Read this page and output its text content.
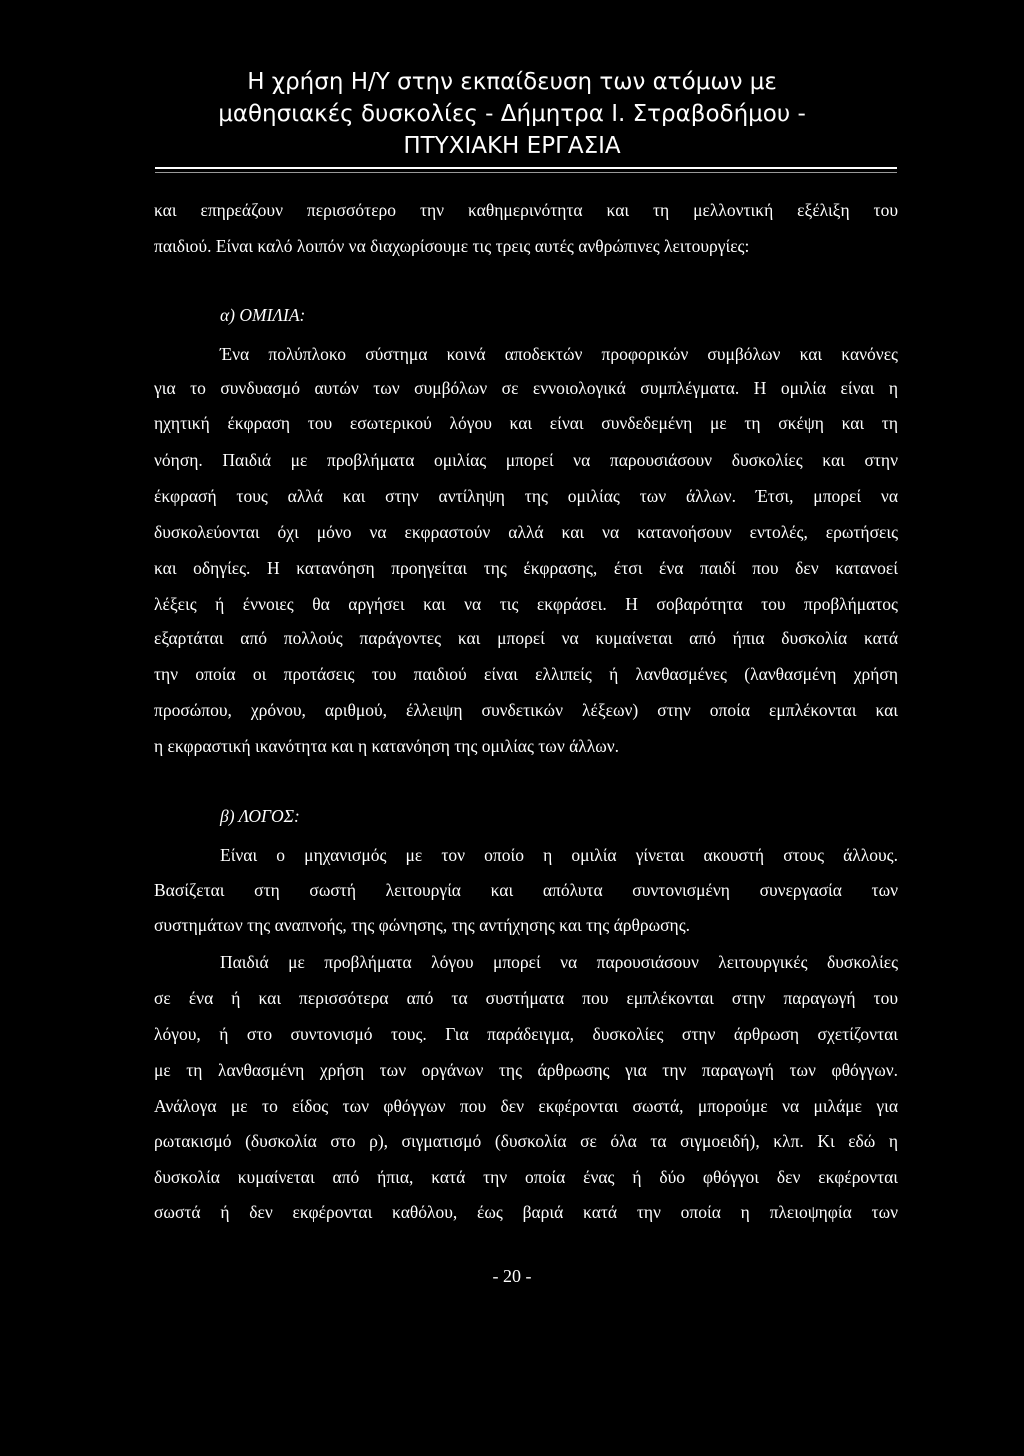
Η χρήση Η/Υ στην εκπαίδευση των ατόμων με
μαθησιακές δυσκολίες - Δήμητρα Ι. Στραβοδήμου -
ΠΤΥΧΙΑΚΗ ΕΡΓΑΣΙΑ
και επηρεάζουν περισσότερο την καθημερινότητα και τη μελλοντική εξέλιξη του
παιδιού. Είναι καλό λοιπόν να διαχωρίσουμε τις τρεις αυτές ανθρώπινες λειτουργίες:
α) ΟΜΙΛΙΑ:
Ένα πολύπλοκο σύστημα κοινά αποδεκτών προφορικών συμβόλων και κανόνες
για το συνδυασμό αυτών των συμβόλων σε εννοιολογικά συμπλέγματα. Η ομιλία είναι η
ηχητική έκφραση του εσωτερικού λόγου και είναι συνδεδεμένη με τη σκέψη και τη
νόηση. Παιδιά με προβλήματα ομιλίας μπορεί να παρουσιάσουν δυσκολίες και στην
έκφρασή τους αλλά και στην αντίληψη της ομιλίας των άλλων. Έτσι, μπορεί να
δυσκολεύονται όχι μόνο να εκφραστούν αλλά και να κατανοήσουν εντολές, ερωτήσεις
και οδηγίες. Η κατανόηση προηγείται της έκφρασης, έτσι ένα παιδί που δεν κατανοεί
λέξεις ή έννοιες θα αργήσει και να τις εκφράσει. Η σοβαρότητα του προβλήματος
εξαρτάται από πολλούς παράγοντες και μπορεί να κυμαίνεται από ήπια δυσκολία κατά
την οποία οι προτάσεις του παιδιού είναι ελλιπείς ή λανθασμένες (λανθασμένη χρήση
προσώπου, χρόνου, αριθμού, έλλειψη συνδετικών λέξεων) στην οποία εμπλέκονται και
η εκφραστική ικανότητα και η κατανόηση της ομιλίας των άλλων.
β) ΛΟΓΟΣ:
Είναι ο μηχανισμός με τον οποίο η ομιλία γίνεται ακουστή στους άλλους.
Βασίζεται στη σωστή λειτουργία και απόλυτα συντονισμένη συνεργασία των
συστημάτων της αναπνοής, της φώνησης, της αντήχησης και της άρθρωσης.
Παιδιά με προβλήματα λόγου μπορεί να παρουσιάσουν λειτουργικές δυσκολίες
σε ένα ή και περισσότερα από τα συστήματα που εμπλέκονται στην παραγωγή του
λόγου, ή στο συντονισμό τους. Για παράδειγμα, δυσκολίες στην άρθρωση σχετίζονται
με τη λανθασμένη χρήση των οργάνων της άρθρωσης για την παραγωγή των φθόγγων.
Ανάλογα με το είδος των φθόγγων που δεν εκφέρονται σωστά, μπορούμε να μιλάμε για
ρωτακισμό (δυσκολία στο ρ), σιγματισμό (δυσκολία σε όλα τα σιγμοειδή), κλπ. Κι εδώ η
δυσκολία κυμαίνεται από ήπια, κατά την οποία ένας ή δύο φθόγγοι δεν εκφέρονται
σωστά ή δεν εκφέρονται καθόλου, έως βαριά κατά την οποία η πλειοψηφία των
- 20 -
